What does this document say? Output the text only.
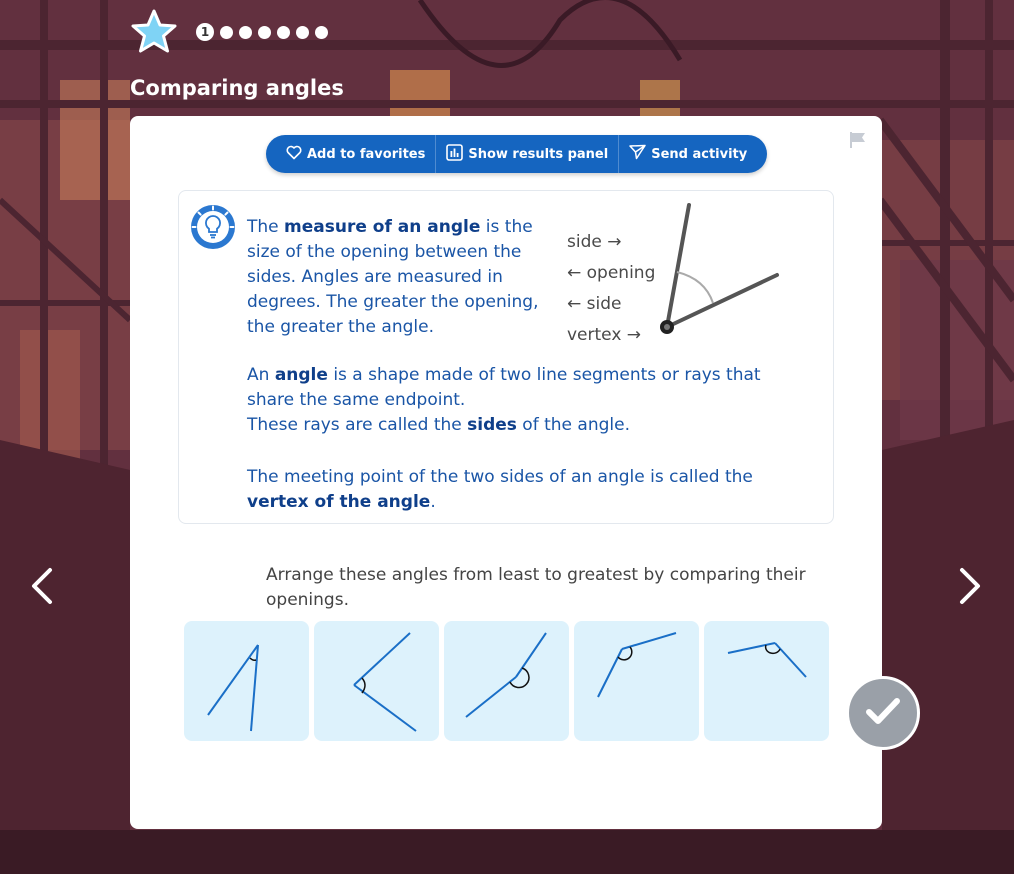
1
Comparing angles
Add to favorites	Show results panel	Send activity
The measure of an angle is the size of the opening between the sides. Angles are measured in degrees. The greater the opening, the greater the angle.
side →
← opening
← side
vertex →
An angle is a shape made of two line segments or rays that share the same endpoint.
These rays are called the sides of the angle.
The meeting point of the two sides of an angle is called the vertex of the angle.
Arrange these angles from least to greatest by comparing their openings.
